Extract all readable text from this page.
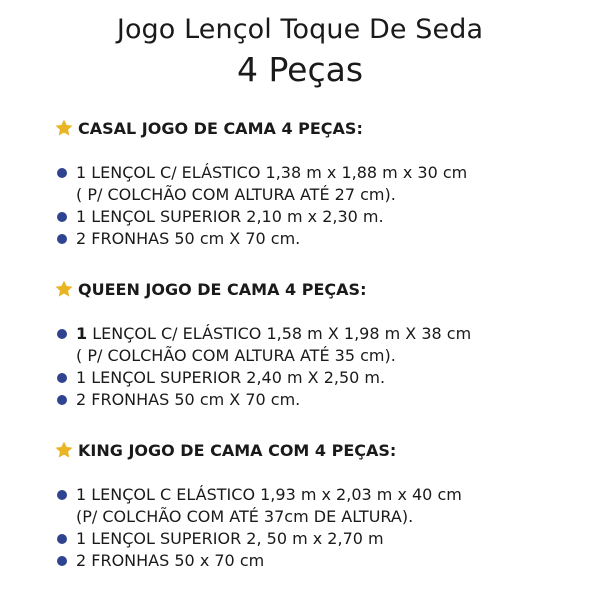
Jogo Lençol Toque De Seda
4 Peças
CASAL JOGO DE CAMA 4 PEÇAS:
1 LENÇOL C/ ELÁSTICO 1,38 m x 1,88 m x 30 cm
( P/ COLCHÃO COM ALTURA ATÉ 27 cm).
1 LENÇOL SUPERIOR 2,10 m x 2,30 m.
2 FRONHAS 50 cm X 70 cm.
QUEEN JOGO DE CAMA 4 PEÇAS:
1 LENÇOL C/ ELÁSTICO 1,58 m X 1,98 m X 38 cm
( P/ COLCHÃO COM ALTURA ATÉ 35 cm).
1 LENÇOL SUPERIOR 2,40 m X 2,50 m.
2 FRONHAS 50 cm X 70 cm.
KING JOGO DE CAMA COM 4 PEÇAS:
1 LENÇOL C ELÁSTICO 1,93 m x 2,03 m x 40 cm
(P/ COLCHÃO COM ATÉ 37cm DE ALTURA).
1 LENÇOL SUPERIOR 2, 50 m x 2,70 m
2 FRONHAS 50 x 70 cm
